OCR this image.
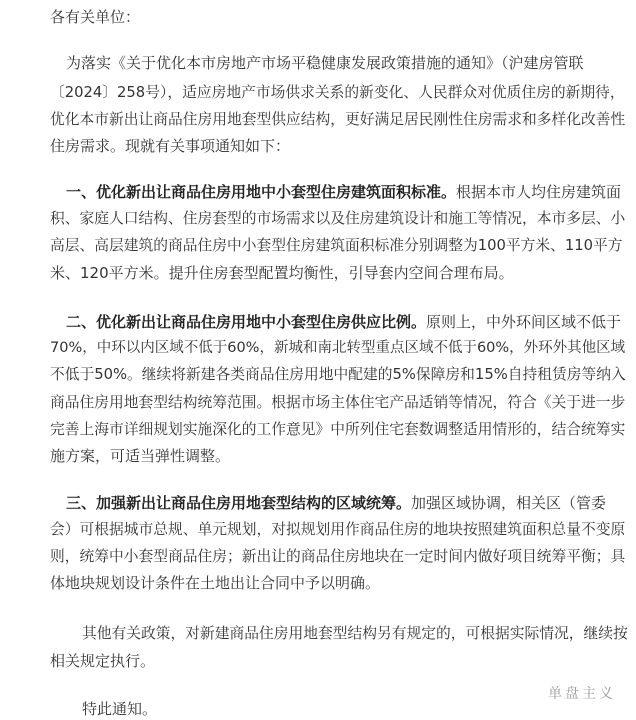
各有关单位：
为落实《关于优化本市房地产市场平稳健康发展政策措施的通知》（沪建房管联
〔2024〕258号），适应房地产市场供求关系的新变化、人民群众对优质住房的新期待，
优化本市新出让商品住房用地套型供应结构，更好满足居民刚性住房需求和多样化改善性
住房需求。现就有关事项通知如下：
一、优化新出让商品住房用地中小套型住房建筑面积标准。根据本市人均住房建筑面
积、家庭人口结构、住房套型的市场需求以及住房建筑设计和施工等情况，本市多层、小
高层、高层建筑的商品住房中小套型住房建筑面积标准分别调整为100平方米、110平方
米、120平方米。提升住房套型配置均衡性，引导套内空间合理布局。
二、优化新出让商品住房用地中小套型住房供应比例。原则上，中外环间区域不低于
70%，中环以内区域不低于60%，新城和南北转型重点区域不低于60%，外环外其他区域
不低于50%。继续将新建各类商品住房用地中配建的5%保障房和15%自持租赁房等纳入
商品住房用地套型结构统筹范围。根据市场主体住宅产品适销等情况，符合《关于进一步
完善上海市详细规划实施深化的工作意见》中所列住宅套数调整适用情形的，结合统筹实
施方案，可适当弹性调整。
三、加强新出让商品住房用地套型结构的区域统筹。加强区域协调，相关区（管委
会）可根据城市总规、单元规划，对拟规划用作商品住房的地块按照建筑面积总量不变原
则，统筹中小套型商品住房；新出让的商品住房地块在一定时间内做好项目统筹平衡；具
体地块规划设计条件在土地出让合同中予以明确。
其他有关政策，对新建商品住房用地套型结构另有规定的，可根据实际情况，继续按
相关规定执行。
特此通知。
单盘主义
